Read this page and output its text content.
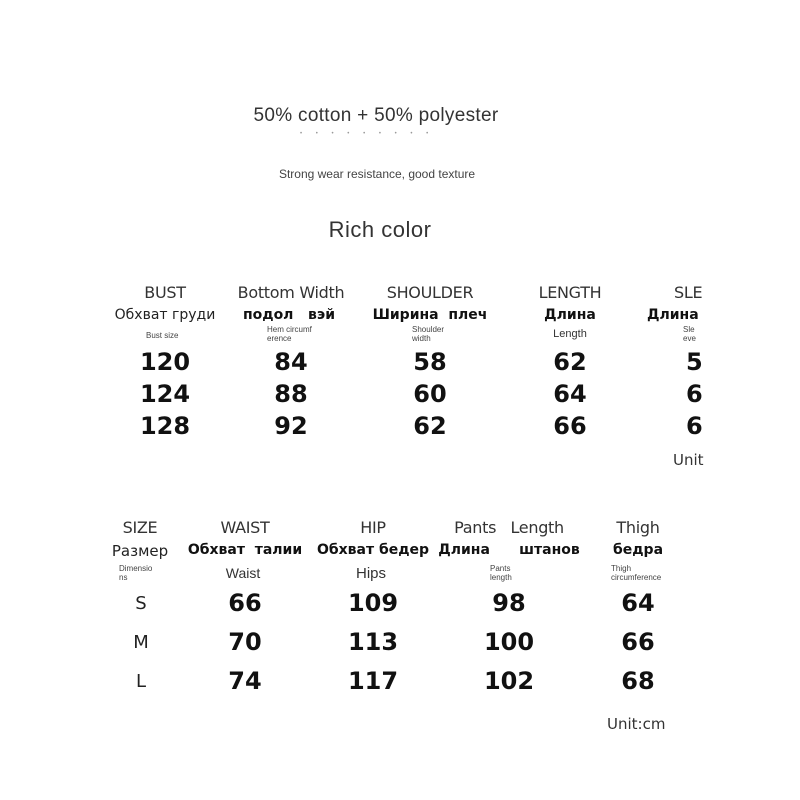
50% cotton + 50% polyester
• • • • • • • • •
Strong wear resistance, good texture
Rich color
BUST
Обхват груди
Bust size
120
124
128
Bottom Width
подол   вэй
Hem circumf
erence
84
88
92
SHOULDER
Ширина  плеч
Shoulder
width
58
60
62
LENGTH
Длина
Length
62
64
66
SLE
Длина
Sle
eve
5
6
6
Unit
SIZE
Размер
Dimensio
ns
S
M
L
WAIST
Обхват  талии
Waist
66
70
74
HIP
Обхват бедер
Hips
109
113
117
Pants   Length
Длина      штанов
Pants
length
98
100
102
Thigh
бедра
Thigh
circumference
64
66
68
Unit:cm
